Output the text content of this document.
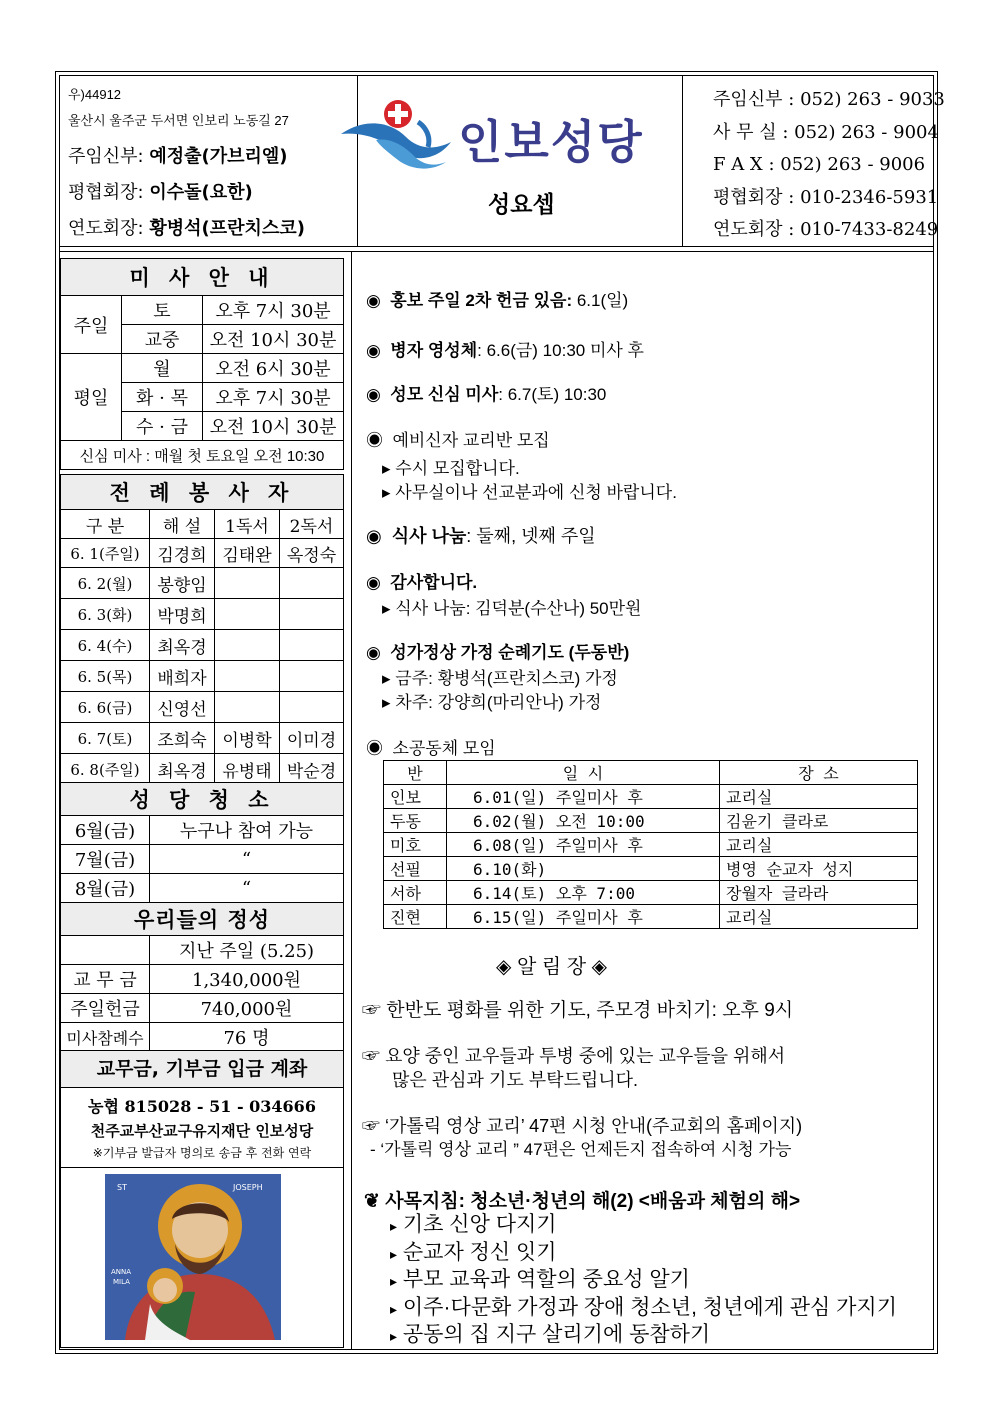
우)44912
울산시 울주군 두서면 인보리 노동길 27
주임신부: 예정출(가브리엘)
평협회장: 이수돌(요한)
연도회장: 황병석(프란치스코)
인보성당
성요셉
주임신부 : 052) 263 - 9033
사 무 실 : 052) 263 - 9004
F A X : 052) 263 - 9006
평협회장 : 010-2346-5931
연도회장 : 010-7433-8249
미 사 안 내		
주일	토	오후 7시 30분
	교중	오전 10시 30분
평일	월	오전 6시 30분
	화 · 목	오후 7시 30분
	수 · 금	오전 10시 30분
신심 미사 : 매월 첫 토요일 오전 10:30		
전 례 봉 사 자			
구 분	해 설	1독서	2독서
6. 1(주일)	김경희	김태완	옥정숙
6. 2(월)	봉향임		
6. 3(화)	박명희		
6. 4(수)	최옥경		
6. 5(목)	배희자		
6. 6(금)	신영선		
6. 7(토)	조희숙	이병학	이미경
6. 8(주일)	최옥경	유병태	박순경
성 당 청 소	
6월(금)	누구나 참여 가능
7월(금)	“
8월(금)	“
우리들의 정성	
	지난 주일 (5.25)
교 무 금	1,340,000원
주일헌금	740,000원
미사참례수	76 명
교무금, 기부금 입금 계좌
농협 815028 - 51 - 034666
천주교부산교구유지재단 인보성당
※기부금 발급자 명의로 송금 후 전화 연락
ST	JOSEPH
ANNA
MILA
◉ 홍보 주일 2차 헌금 있음: 6.1(일)
◉ 병자 영성체: 6.6(금) 10:30 미사 후
◉ 성모 신심 미사: 6.7(토) 10:30
◉ 예비신자 교리반 모집
▸ 수시 모집합니다.
▸ 사무실이나 선교분과에 신청 바랍니다.
◉ 식사 나눔: 둘째, 넷째 주일
◉ 감사합니다.
▸ 식사 나눔: 김덕분(수산나) 50만원
◉ 성가정상 가정 순례기도 (두동반)
▸ 금주: 황병석(프란치스코) 가정
▸ 차주: 강양희(마리안나) 가정
◉ 소공동체 모임
반	일 시	장 소
인보	6.01(일) 주일미사 후	교리실
두동	6.02(월) 오전 10:00	김윤기 클라로
미호	6.08(일) 주일미사 후	교리실
선필	6.10(화)	병영 순교자 성지
서하	6.14(토) 오후 7:00	장월자 글라라
진현	6.15(일) 주일미사 후	교리실
◈ 알 림 장 ◈
☞ 한반도 평화를 위한 기도, 주모경 바치기: 오후 9시
☞ 요양 중인 교우들과 투병 중에 있는 교우들을 위해서
많은 관심과 기도 부탁드립니다.
☞ ‘가톨릭 영상 교리’ 47편 시청 안내(주교회의 홈페이지)
- ‘가톨릭 영상 교리 ” 47편은 언제든지 접속하여 시청 가능
❦ 사목지침: 청소년·청년의 해(2) <배움과 체험의 해>
▸ 기초 신앙 다지기
▸ 순교자 정신 잇기
▸ 부모 교육과 역할의 중요성 알기
▸ 이주·다문화 가정과 장애 청소년, 청년에게 관심 가지기
▸ 공동의 집 지구 살리기에 동참하기
